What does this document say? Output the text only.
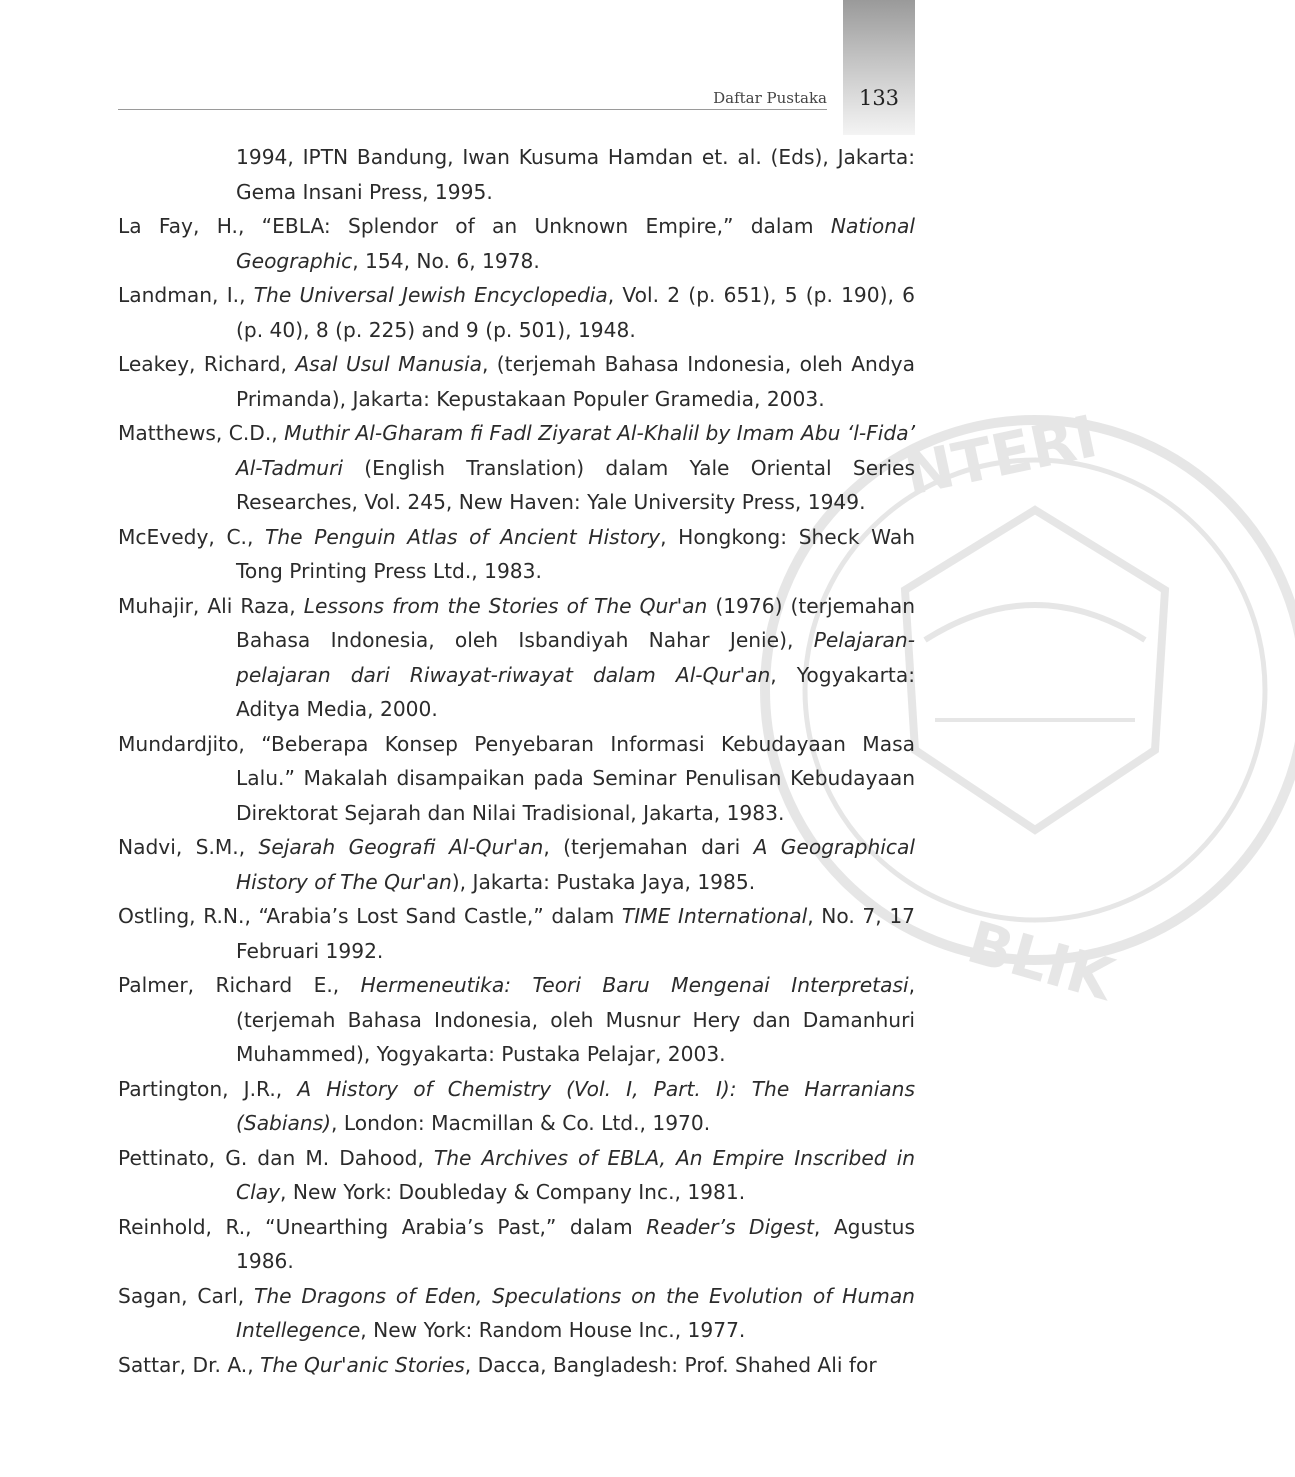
Daftar Pustaka	133
NTERI
BLIK
1994, IPTN Bandung, Iwan Kusuma Hamdan et. al. (Eds), Jakarta: Gema Insani Press, 1995.
La Fay, H., “EBLA: Splendor of an Unknown Empire,” dalam National Geographic, 154, No. 6, 1978.
Landman, I., The Universal Jewish Encyclopedia, Vol. 2 (p. 651), 5 (p. 190), 6 (p. 40), 8 (p. 225) and 9 (p. 501), 1948.
Leakey, Richard, Asal Usul Manusia, (terjemah Bahasa Indonesia, oleh Andya Primanda), Jakarta: Kepustakaan Populer Gramedia, 2003.
Matthews, C.D., Muthir Al-Gharam fi Fadl Ziyarat Al-Khalil by Imam Abu ‘l-Fida’ Al-Tadmuri (English Translation) dalam Yale Oriental Series Researches, Vol. 245, New Haven: Yale University Press, 1949.
McEvedy, C., The Penguin Atlas of Ancient History, Hongkong: Sheck Wah Tong Printing Press Ltd., 1983.
Muhajir, Ali Raza, Lessons from the Stories of The Qur'an (1976) (terjemahan Bahasa Indonesia, oleh Isbandiyah Nahar Jenie), Pelajaran-pelajaran dari Riwayat-riwayat dalam Al-Qur'an, Yogyakarta: Aditya Media, 2000.
Mundardjito, “Beberapa Konsep Penyebaran Informasi Kebudayaan Masa Lalu.” Makalah disampaikan pada Seminar Penulisan Kebudayaan Direktorat Sejarah dan Nilai Tradisional, Jakarta, 1983.
Nadvi, S.M., Sejarah Geografi Al-Qur'an, (terjemahan dari A Geographical History of The Qur'an), Jakarta: Pustaka Jaya, 1985.
Ostling, R.N., “Arabia’s Lost Sand Castle,” dalam TIME International, No. 7, 17 Februari 1992.
Palmer, Richard E., Hermeneutika: Teori Baru Mengenai Interpretasi, (terjemah Bahasa Indonesia, oleh Musnur Hery dan Damanhuri Muhammed), Yogyakarta: Pustaka Pelajar, 2003.
Partington, J.R., A History of Chemistry (Vol. I, Part. I): The Harranians (Sabians), London: Macmillan & Co. Ltd., 1970.
Pettinato, G. dan M. Dahood, The Archives of EBLA, An Empire Inscribed in Clay, New York: Doubleday & Company Inc., 1981.
Reinhold, R., “Unearthing Arabia’s Past,” dalam Reader’s Digest, Agustus 1986.
Sagan, Carl, The Dragons of Eden, Speculations on the Evolution of Human Intellegence, New York: Random House Inc., 1977.
Sattar, Dr. A., The Qur'anic Stories, Dacca, Bangladesh: Prof. Shahed Ali for
